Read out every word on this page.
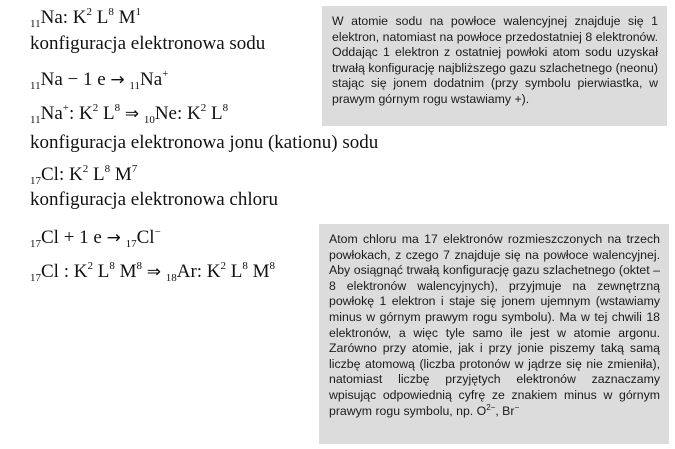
$_{11}$Na: $K^2$ $L^8$ $M^1$
konfiguracja elektronowa sodu
$_{11}$Na − 1 e → $_{11}$Na+
$_{11}$Na+: $K^2$ $L^8$ ⇒ $_{10}$Ne: $K^2$ $L^8$
konfiguracja elektronowa jonu (kationu) sodu
$_{17}$Cl: $K^2$ $L^8$ $M^7$
konfiguracja elektronowa chloru
$_{17}$Cl + 1 e → $_{17}$Cl−
$_{17}$Cl : $K^2$ $L^8$ $M^8$ ⇒ $_{18}$Ar: $K^2$ $L^8$ $M^8$
W atomie sodu na powłoce walencyjnej znajduje się 1 elektron, natomiast na powłoce przedostatniej 8 elektronów. Oddając 1 elektron z ostatniej powłoki atom sodu uzyskał trwałą konfigurację najbliższego gazu szlachetnego (neonu) stając się jonem dodatnim (przy symbolu pierwiastka, w prawym górnym rogu wstawiamy +).
Atom chloru ma 17 elektronów rozmieszczonych na trzech powłokach, z czego 7 znajduje się na powłoce walencyjnej. Aby osiągnąć trwałą konfigurację gazu szlachetnego (oktet – 8 elektronów walencyjnych), przyjmuje na zewnętrzną powłokę 1 elektron i staje się jonem ujemnym (wstawiamy minus w górnym prawym rogu symbolu). Ma w tej chwili 18 elektronów, a więc tyle samo ile jest w atomie argonu. Zarówno przy atomie, jak i przy jonie piszemy taką samą liczbę atomową (liczba protonów w jądrze się nie zmieniła), natomiast liczbę przyjętych elektronów zaznaczamy wpisując odpowiednią cyfrę ze znakiem minus w górnym prawym rogu symbolu, np. $O^{2-}$, Br−
